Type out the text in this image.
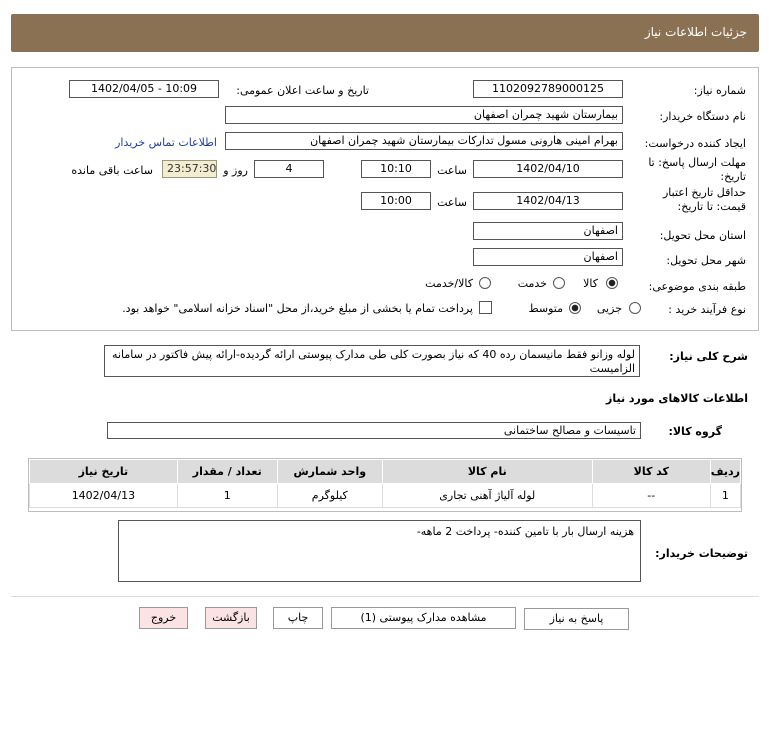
جزئیات اطلاعات نیاز
شماره نیاز:
1102092789000125
تاریخ و ساعت اعلان عمومی:
1402/04/05 - 10:09
نام دستگاه خریدار:
بیمارستان شهید چمران اصفهان
ایجاد کننده درخواست:
بهرام امینی هارونی مسول تداركات بیمارستان شهید چمران اصفهان
اطلاعات تماس خریدار
مهلت ارسال پاسخ: تا تاریخ:
1402/04/10
ساعت
10:10
4
روز و
23:57:30
ساعت باقی مانده
حداقل تاریخ اعتبار قیمت: تا تاریخ:
1402/04/13
ساعت
10:00
استان محل تحویل:
اصفهان
شهر محل تحویل:
اصفهان
طبقه بندی موضوعی:
کالا
خدمت
کالا/خدمت
نوع فرآیند خرید :
جزیی
متوسط
پرداخت تمام یا بخشی از مبلغ خرید،از محل "اسناد خزانه اسلامی" خواهد بود.
شرح کلی نیاز:
لوله وزانو فقط مانیسمان رده 40 كه نیاز بصورت كلی طی مدارک پیوستی ارائه گردیده-ارائه پیش فاكتور در سامانه الزامیست
اطلاعات کالاهای مورد نیاز
گروه کالا:
تاسیسات و مصالح ساختمانی
ردیف	کد کالا	نام کالا	واحد شمارش	تعداد / مقدار	تاریخ نیاز
1	--	لوله آلیاژ آهنی تجاری	کیلوگرم	1	1402/04/13
توضیحات خریدار:
هزینه ارسال بار با تامین كننده- پرداخت 2 ماهه-
پاسخ به نیاز
مشاهده مدارک پیوستی (1)
چاپ
بازگشت
خروج
